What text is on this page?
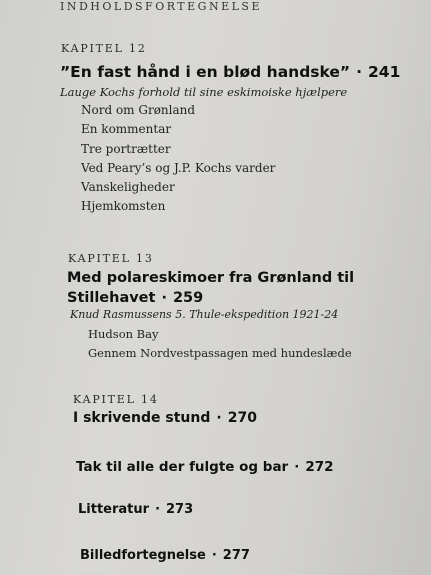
INDHOLDSFORTEGNELSE
KAPITEL 12
”En fast hånd i en blød handske” · 241
Lauge Kochs forhold til sine eskimoiske hjælpere
Nord om Grønland
En kommentar
Tre portrætter
Ved Peary’s og J.P. Kochs varder
Vanskeligheder
Hjemkomsten
KAPITEL 13
Med polareskimoer fra Grønland til
Stillehavet · 259
Knud Rasmussens 5. Thule-ekspedition 1921-24
Hudson Bay
Gennem Nordvestpassagen med hundeslæde
KAPITEL 14
I skrivende stund · 270
Tak til alle der fulgte og bar · 272
Litteratur · 273
Billedfortegnelse · 277
